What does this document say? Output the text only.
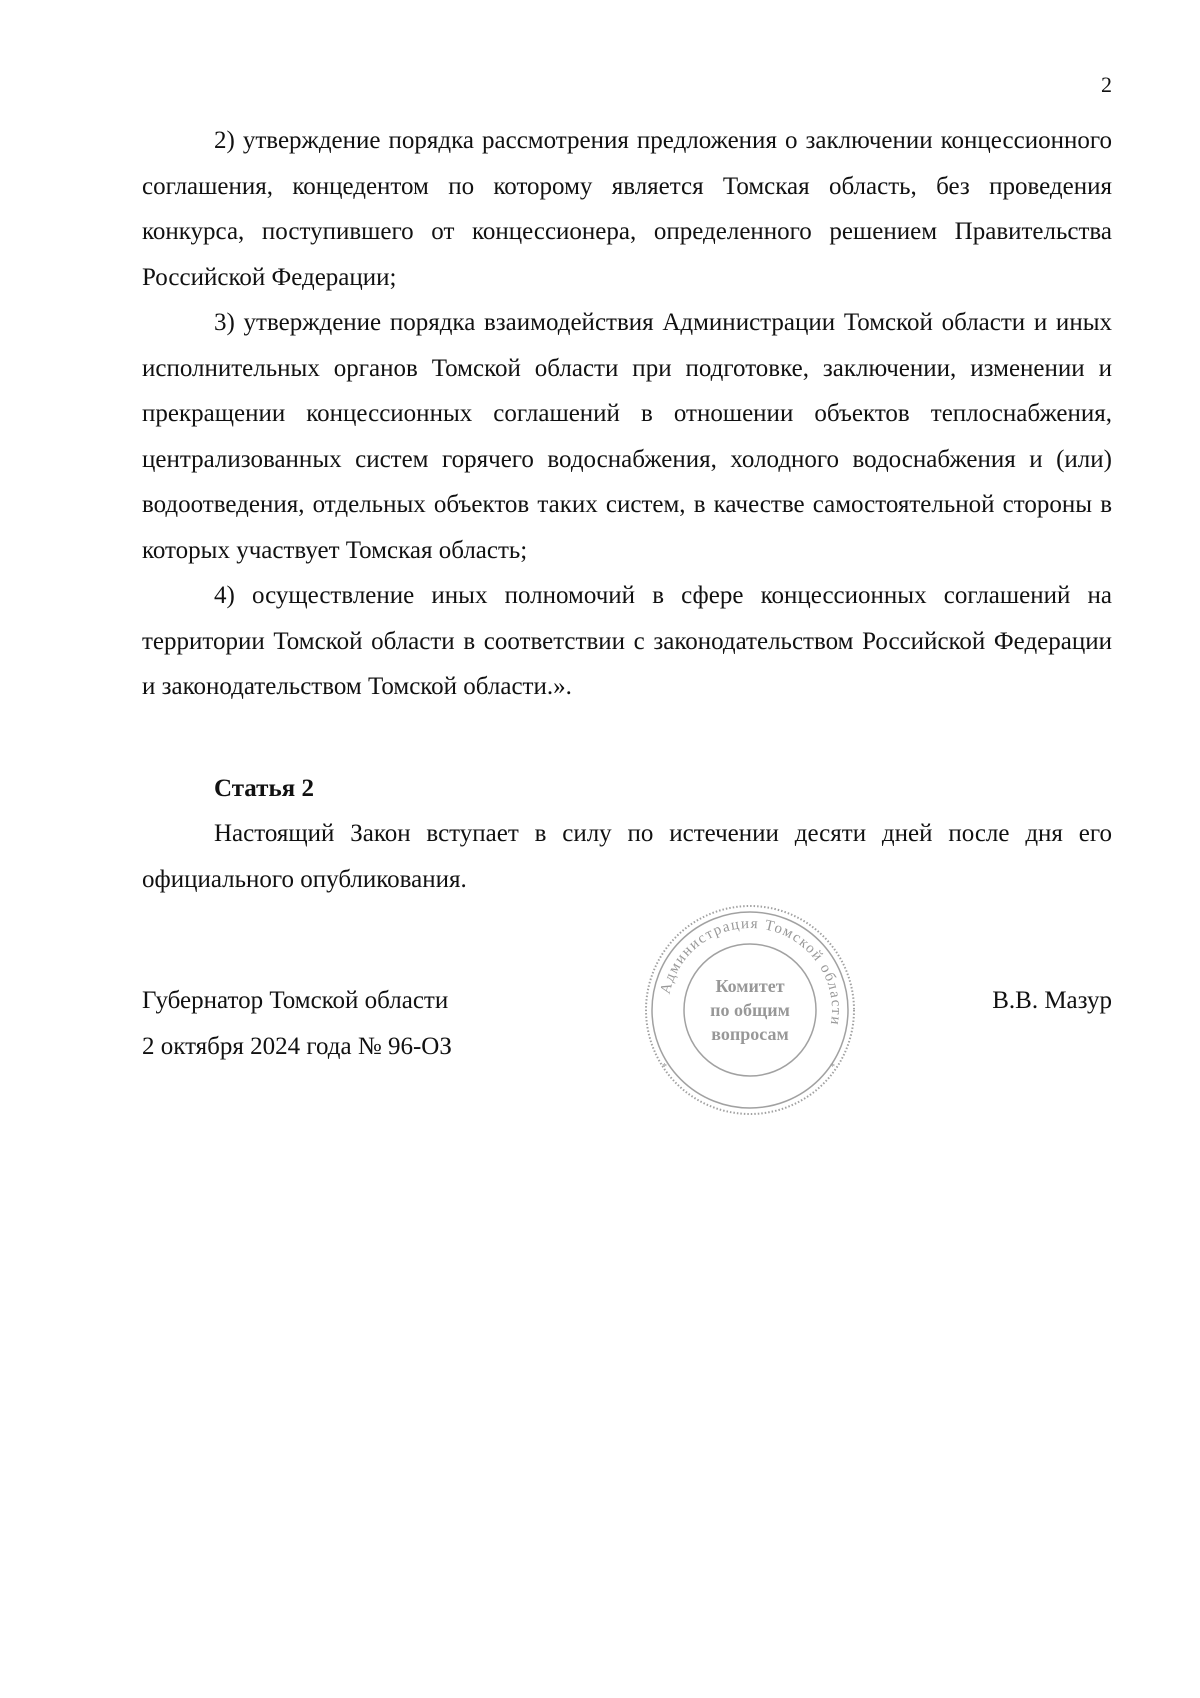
2

2) утверждение порядка рассмотрения предложения о заключении концессионного соглашения, концедентом по которому является Томская область, без проведения конкурса, поступившего от концессионера, определенного решением Правительства Российской Федерации;

3) утверждение порядка взаимодействия Администрации Томской области и иных исполнительных органов Томской области при подготовке, заключении, изменении и прекращении концессионных соглашений в отношении объектов теплоснабжения, централизованных систем горячего водоснабжения, холодного водоснабжения и (или) водоотведения, отдельных объектов таких систем, в качестве самостоятельной стороны в которых участвует Томская область;

4) осуществление иных полномочий в сфере концессионных соглашений на территории Томской области в соответствии с законодательством Российской Федерации и законодательством Томской области.».

Статья 2

Настоящий Закон вступает в силу по истечении десяти дней после дня его официального опубликования.

Губернатор Томской области
2 октября 2024 года № 96-ОЗ
В.В. Мазур
Администрация Томской области
Комитет
по общим
вопросам
*	*
